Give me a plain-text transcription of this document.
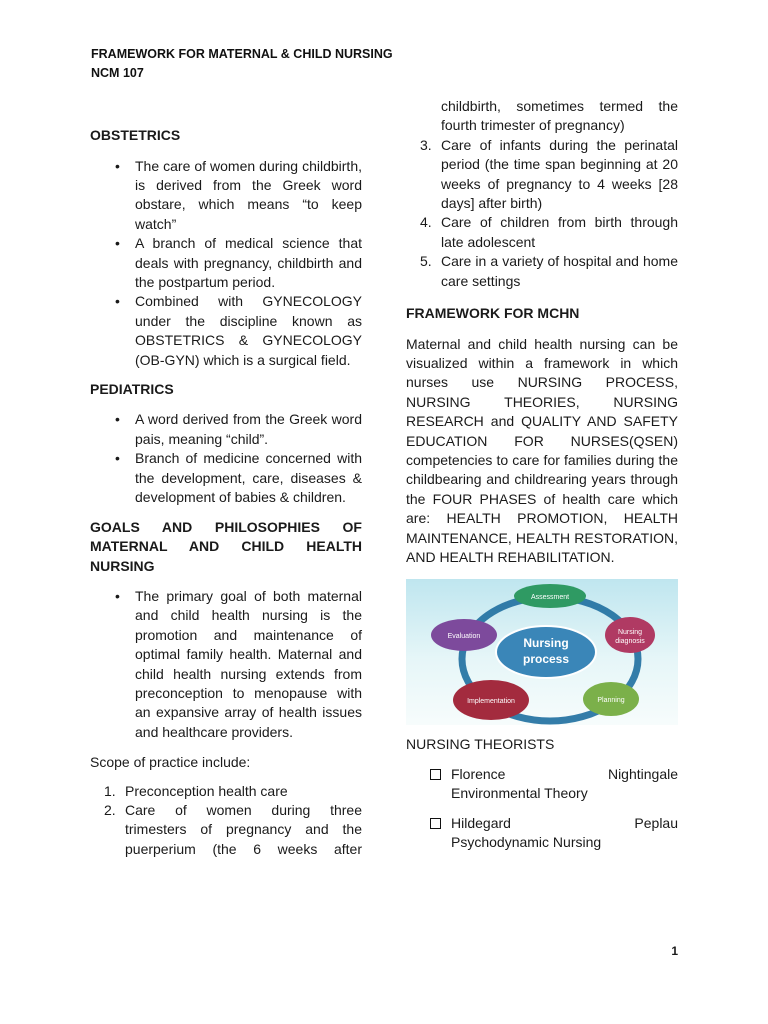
FRAMEWORK FOR MATERNAL & CHILD NURSING
NCM 107
OBSTETRICS
• The care of women during childbirth, is derived from the Greek word obstare, which means “to keep watch”
• A branch of medical science that deals with pregnancy, childbirth and the postpartum period.
• Combined with GYNECOLOGY under the discipline known as OBSTETRICS & GYNECOLOGY (OB-GYN) which is a surgical field.
PEDIATRICS
• A word derived from the Greek word pais, meaning “child”.
• Branch of medicine concerned with the development, care, diseases & development of babies & children.
GOALS AND PHILOSOPHIES OF MATERNAL AND CHILD HEALTH NURSING
• The primary goal of both maternal and child health nursing is the promotion and maintenance of optimal family health. Maternal and child health nursing extends from preconception to menopause with an expansive array of health issues and healthcare providers.

Scope of practice include:

1. Preconception health care
2. Care of women during three trimesters of pregnancy and the puerperium (the 6 weeks after
childbirth, sometimes termed the fourth trimester of pregnancy)
3. Care of infants during the perinatal period (the time span beginning at 20 weeks of pregnancy to 4 weeks [28 days] after birth)
4. Care of children from birth through late adolescent
5. Care in a variety of hospital and home care settings
FRAMEWORK FOR MCHN

Maternal and child health nursing can be visualized within a framework in which nurses use NURSING PROCESS, NURSING THEORIES, NURSING RESEARCH and QUALITY AND SAFETY EDUCATION FOR NURSES(QSEN) competencies to care for families during the childbearing and childrearing years through the FOUR PHASES of health care which are: HEALTH PROMOTION, HEALTH MAINTENANCE, HEALTH RESTORATION, AND HEALTH REHABILITATION.

Nursing
process
Assessment
Nursing
diagnosis
Planning
Implementation
Evaluation

NURSING THEORISTS

Florence Nightingale
Environmental Theory
Hildegard Peplau
Psychodynamic Nursing
1
